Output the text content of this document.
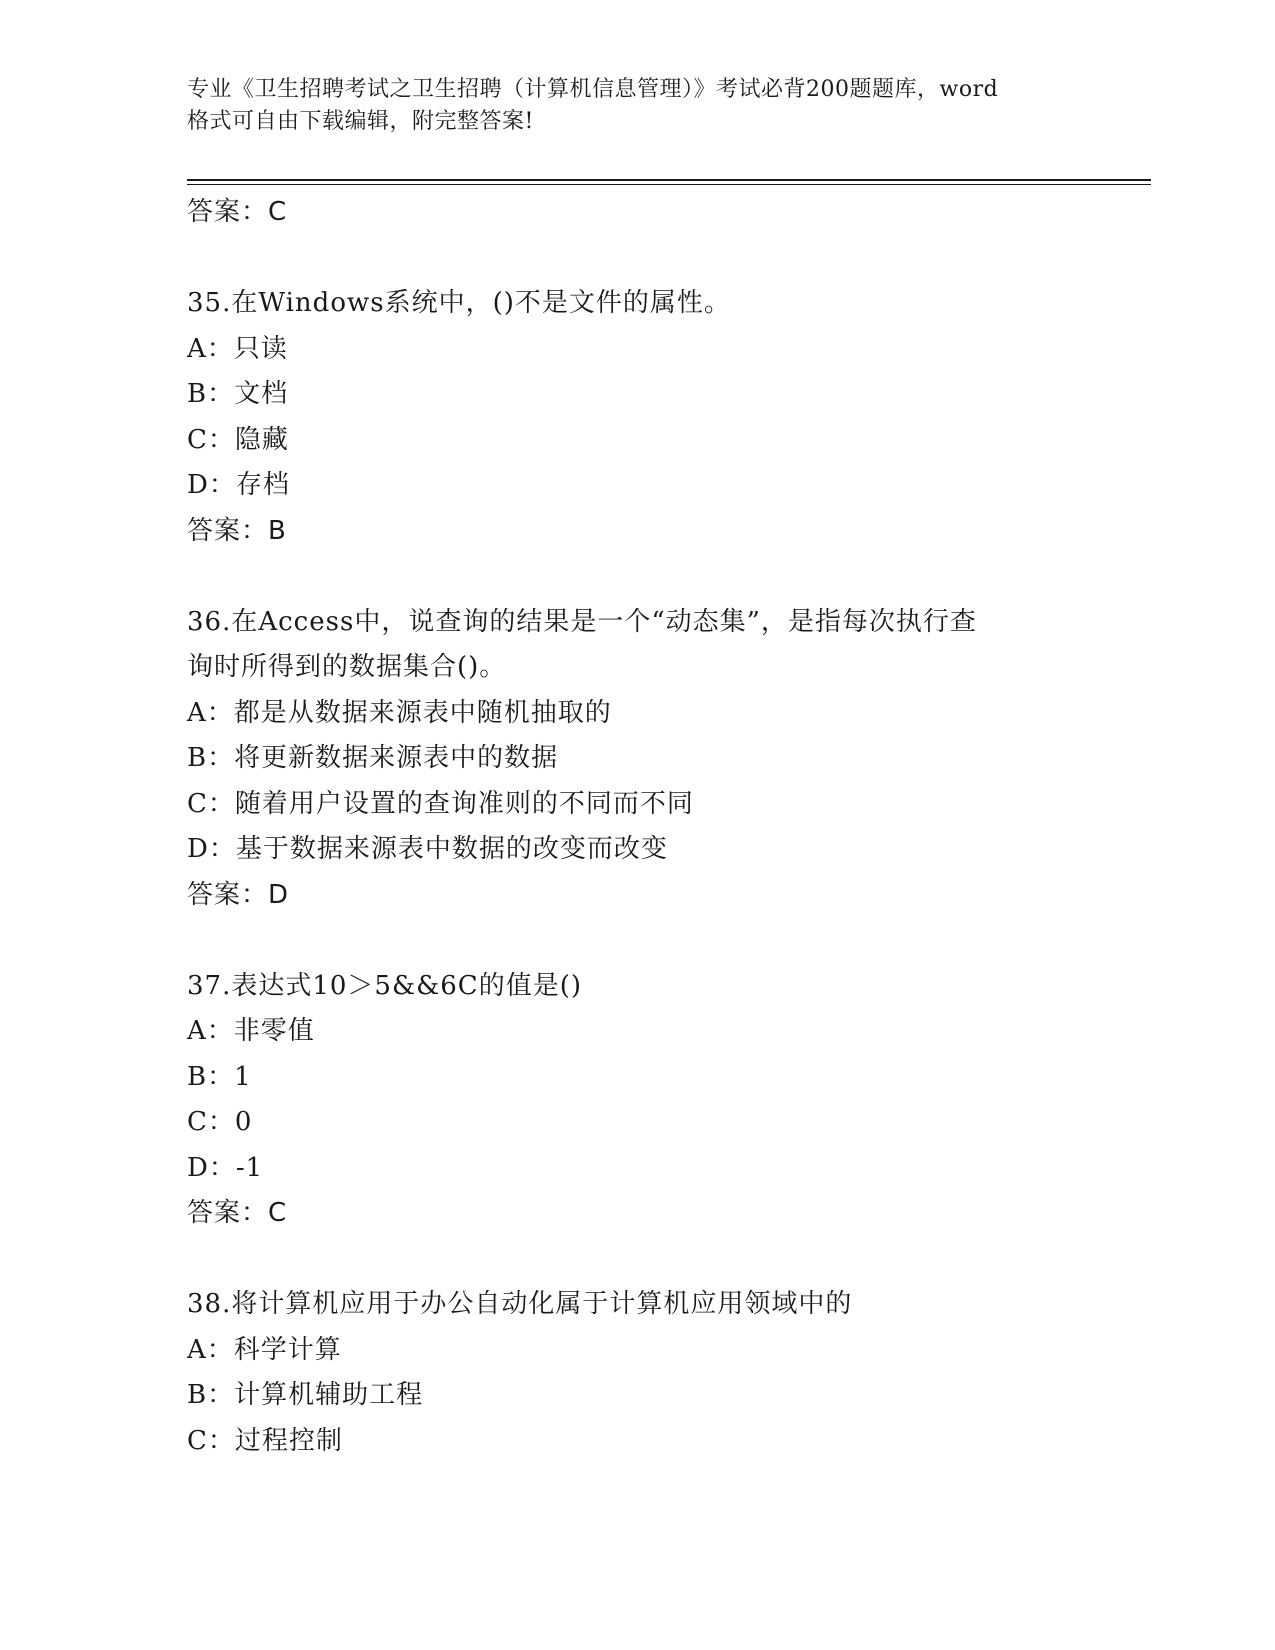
专业《卫生招聘考试之卫生招聘（计算机信息管理）》考试必背200题题库，word
格式可自由下载编辑，附完整答案!
答案：C
35.在Windows系统中，()不是文件的属性。
A：只读
B：文档
C：隐藏
D：存档
答案：B
36.在Access中，说查询的结果是一个“动态集”，是指每次执行查
询时所得到的数据集合()。
A：都是从数据来源表中随机抽取的
B：将更新数据来源表中的数据
C：随着用户设置的查询准则的不同而不同
D：基于数据来源表中数据的改变而改变
答案：D
37.表达式10＞5&&6C的值是()
A：非零值
B：1
C：0
D：-1
答案：C
38.将计算机应用于办公自动化属于计算机应用领域中的
A：科学计算
B：计算机辅助工程
C：过程控制
